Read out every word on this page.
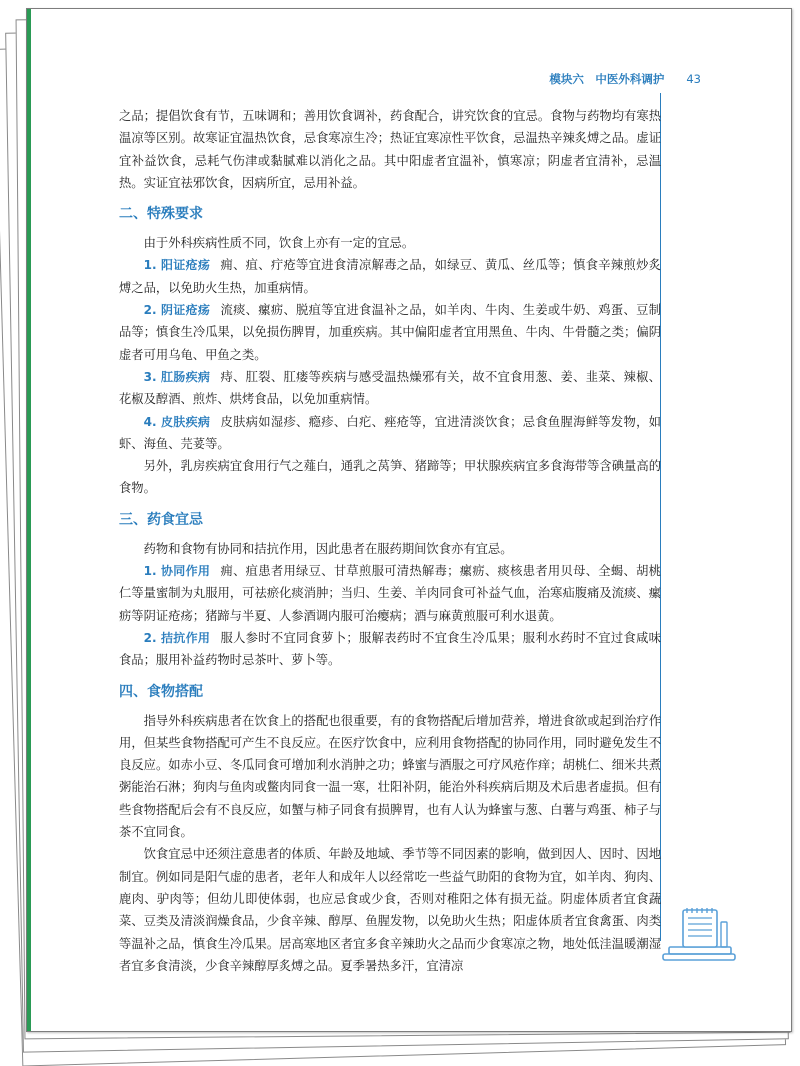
模块六　中医外科调护 43

之品；提倡饮食有节，五味调和；善用饮食调补，药食配合，讲究饮食的宜忌。食物与药物均有寒热温凉等区别。故寒证宜温热饮食，忌食寒凉生冷；热证宜寒凉性平饮食，忌温热辛辣炙煿之品。虚证宜补益饮食，忌耗气伤津或黏腻难以消化之品。其中阳虚者宜温补，慎寒凉；阴虚者宜清补，忌温热。实证宜祛邪饮食，因病所宜，忌用补益。

二、特殊要求

由于外科疾病性质不同，饮食上亦有一定的宜忌。

1. 阳证疮疡 痈、疽、疔疮等宜进食清凉解毒之品，如绿豆、黄瓜、丝瓜等；慎食辛辣煎炒炙煿之品，以免助火生热，加重病情。

2. 阴证疮疡 流痰、瘰疬、脱疽等宜进食温补之品，如羊肉、牛肉、生姜或牛奶、鸡蛋、豆制品等；慎食生冷瓜果，以免损伤脾胃，加重疾病。其中偏阳虚者宜用黑鱼、牛肉、牛骨髓之类；偏阴虚者可用乌龟、甲鱼之类。

3. 肛肠疾病 痔、肛裂、肛瘘等疾病与感受温热燥邪有关，故不宜食用葱、姜、韭菜、辣椒、花椒及醇酒、煎炸、烘烤食品，以免加重病情。

4. 皮肤疾病 皮肤病如湿疹、瘾疹、白疕、痤疮等，宜进清淡饮食；忌食鱼腥海鲜等发物，如虾、海鱼、芫荽等。

另外，乳房疾病宜食用行气之薤白，通乳之莴笋、猪蹄等；甲状腺疾病宜多食海带等含碘量高的食物。

三、药食宜忌

药物和食物有协同和拮抗作用，因此患者在服药期间饮食亦有宜忌。

1. 协同作用 痈、疽患者用绿豆、甘草煎服可清热解毒；瘰疬、痰核患者用贝母、全蝎、胡桃仁等量蜜制为丸服用，可祛瘀化痰消肿；当归、生姜、羊肉同食可补益气血，治寒疝腹痛及流痰、瘰疬等阴证疮疡；猪蹄与半夏、人参酒调内服可治瘿病；酒与麻黄煎服可利水退黄。

2. 拮抗作用 服人参时不宜同食萝卜；服解表药时不宜食生冷瓜果；服利水药时不宜过食咸味食品；服用补益药物时忌茶叶、萝卜等。

四、食物搭配

指导外科疾病患者在饮食上的搭配也很重要，有的食物搭配后增加营养，增进食欲或起到治疗作用，但某些食物搭配可产生不良反应。在医疗饮食中，应利用食物搭配的协同作用，同时避免发生不良反应。如赤小豆、冬瓜同食可增加利水消肿之功；蜂蜜与酒服之可疗风疮作痒；胡桃仁、细米共煮粥能治石淋；狗肉与鱼肉或鳖肉同食一温一寒，壮阳补阴，能治外科疾病后期及术后患者虚损。但有些食物搭配后会有不良反应，如蟹与柿子同食有损脾胃，也有人认为蜂蜜与葱、白薯与鸡蛋、柿子与茶不宜同食。

饮食宜忌中还须注意患者的体质、年龄及地域、季节等不同因素的影响，做到因人、因时、因地制宜。例如同是阳气虚的患者，老年人和成年人以经常吃一些益气助阳的食物为宜，如羊肉、狗肉、鹿肉、驴肉等；但幼儿即使体弱，也应忌食或少食，否则对稚阳之体有损无益。阴虚体质者宜食蔬菜、豆类及清淡润燥食品，少食辛辣、醇厚、鱼腥发物，以免助火生热；阳虚体质者宜食禽蛋、肉类等温补之品，慎食生冷瓜果。居高寒地区者宜多食辛辣助火之品而少食寒凉之物，地处低洼温暖潮湿者宜多食清淡，少食辛辣醇厚炙煿之品。夏季暑热多汗，宜清凉
